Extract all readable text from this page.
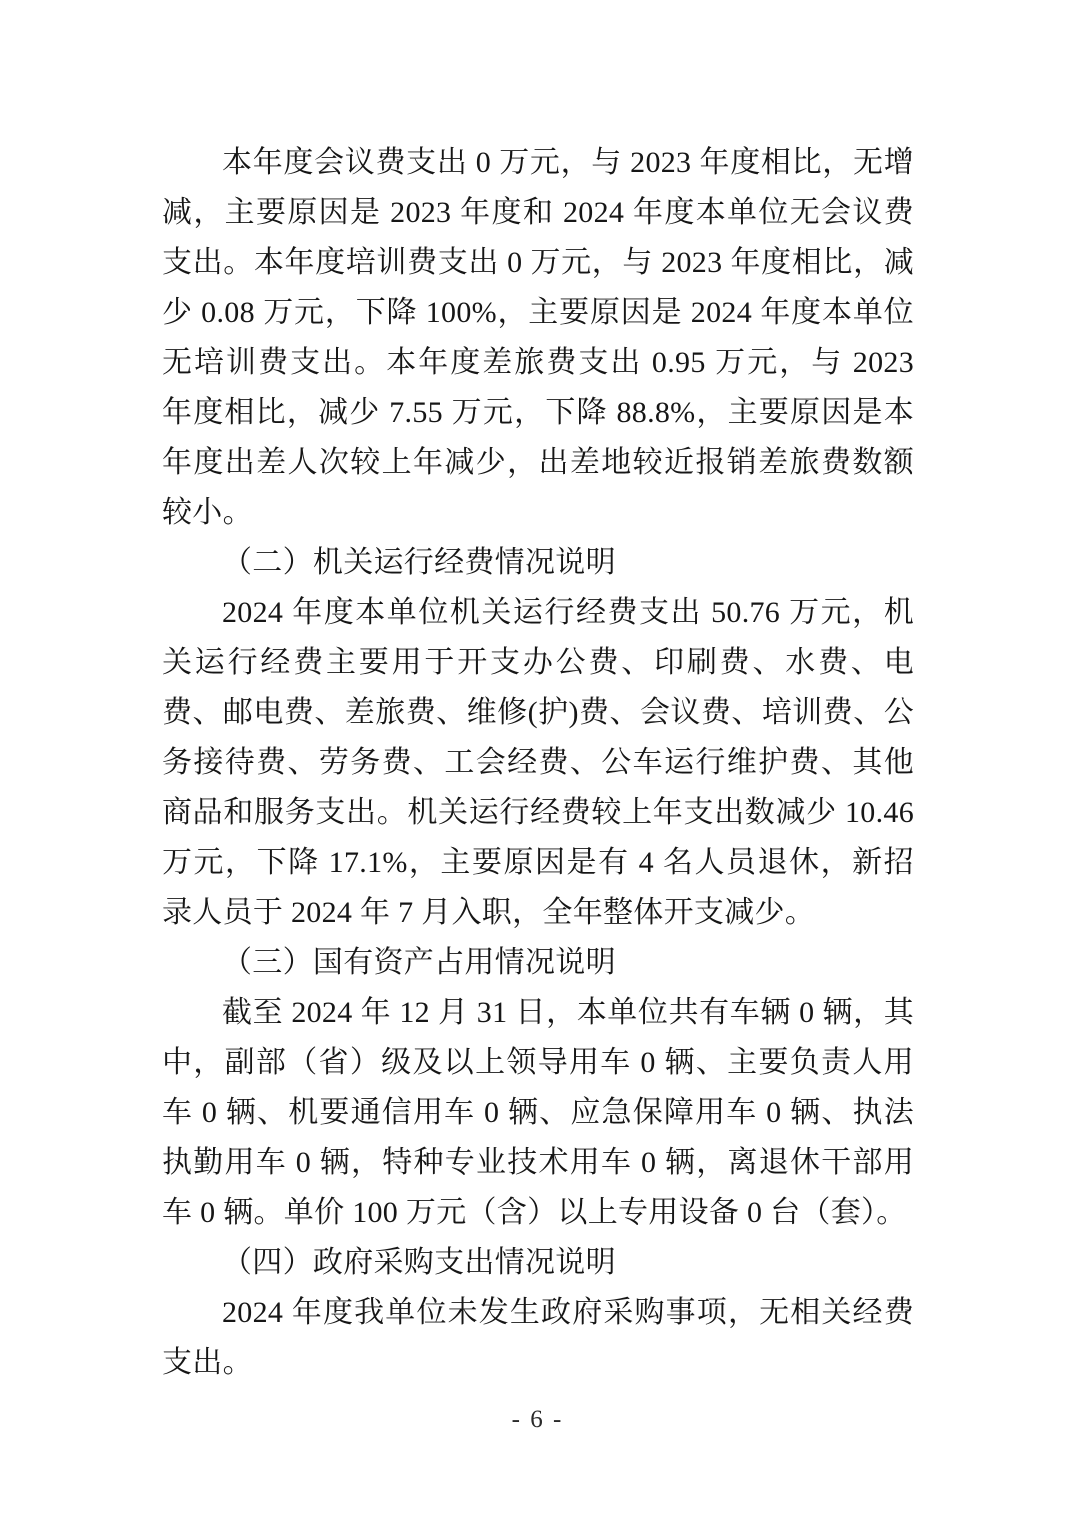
本年度会议费支出 0 万元，与 2023 年度相比，无增减，主要原因是 2023 年度和 2024 年度本单位无会议费支出。本年度培训费支出 0 万元，与 2023 年度相比，减少 0.08 万元，下降 100%，主要原因是 2024 年度本单位无培训费支出。本年度差旅费支出 0.95 万元，与 2023 年度相比，减少 7.55 万元，下降 88.8%，主要原因是本年度出差人次较上年减少，出差地较近报销差旅费数额较小。

（二）机关运行经费情况说明

2024 年度本单位机关运行经费支出 50.76 万元，机关运行经费主要用于开支办公费、印刷费、水费、电费、邮电费、差旅费、维修(护)费、会议费、培训费、公务接待费、劳务费、工会经费、公车运行维护费、其他商品和服务支出。机关运行经费较上年支出数减少 10.46 万元，下降 17.1%，主要原因是有 4 名人员退休，新招录人员于 2024 年 7 月入职，全年整体开支减少。

（三）国有资产占用情况说明

截至 2024 年 12 月 31 日，本单位共有车辆 0 辆，其中，副部（省）级及以上领导用车 0 辆、主要负责人用车 0 辆、机要通信用车 0 辆、应急保障用车 0 辆、执法执勤用车 0 辆，特种专业技术用车 0 辆，离退休干部用车 0 辆。单价 100 万元（含）以上专用设备 0 台（套）。

（四）政府采购支出情况说明

2024 年度我单位未发生政府采购事项，无相关经费支出。

- 6 -
